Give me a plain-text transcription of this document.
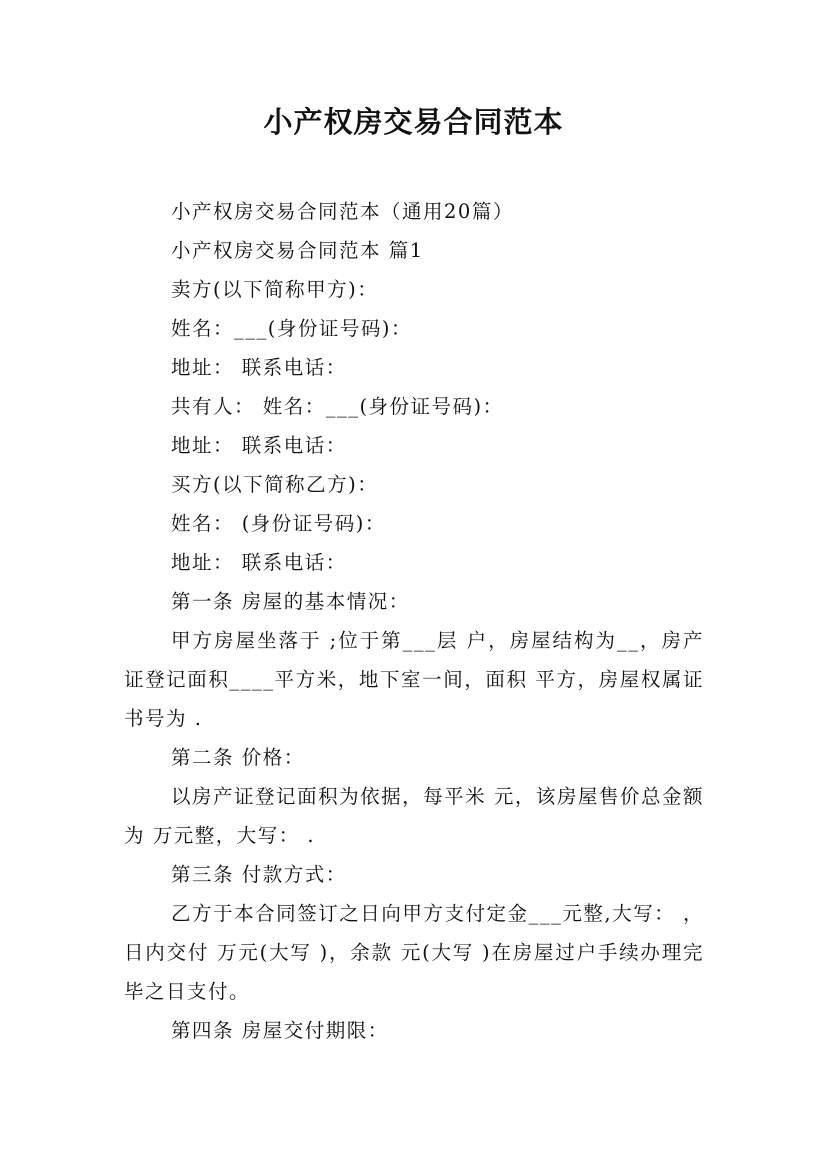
小产权房交易合同范本

小产权房交易合同范本（通用20篇）

小产权房交易合同范本 篇1

卖方(以下简称甲方)：

姓名：___(身份证号码)：

地址： 联系电话：

共有人： 姓名：___(身份证号码)：

地址： 联系电话：

买方(以下简称乙方)：

姓名： (身份证号码)：

地址： 联系电话：

第一条 房屋的基本情况：

甲方房屋坐落于 ;位于第___层 户，房屋结构为__，房产证登记面积____平方米，地下室一间，面积 平方，房屋权属证书号为 .

第二条 价格：

以房产证登记面积为依据，每平米 元，该房屋售价总金额为 万元整，大写： .

第三条 付款方式：

乙方于本合同签订之日向甲方支付定金___元整,大写： ，日内交付 万元(大写 )，余款 元(大写 )在房屋过户手续办理完毕之日支付。

第四条 房屋交付期限：
